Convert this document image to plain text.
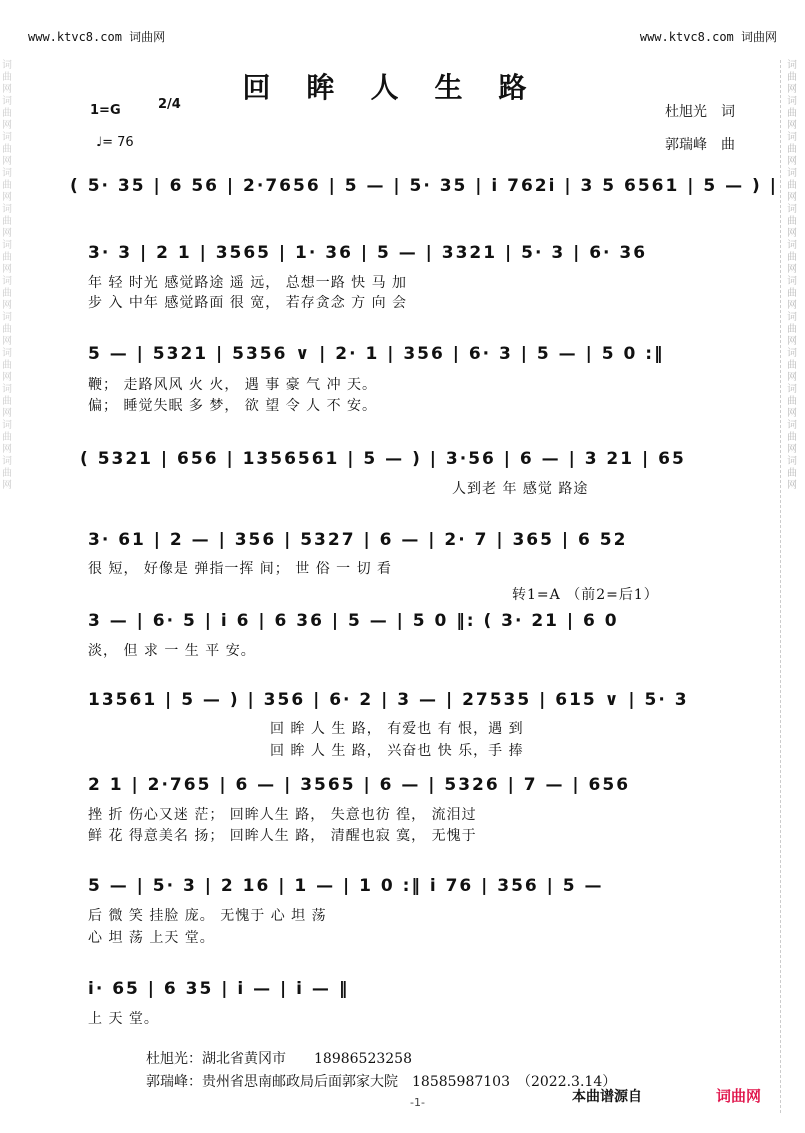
词曲网词曲网词曲网词曲网词曲网词曲网词曲网词曲网词曲网词曲网词曲网词曲网
词曲网词曲网词曲网词曲网词曲网词曲网词曲网词曲网词曲网词曲网词曲网词曲网
www.ktvc8.com 词曲网	www.ktvc8.com 词曲网
回眸人生路
1=G	2/4
♩= 76
杜旭光　词
郭瑞峰　曲
( 5· 35 | 6 56 | 2·7656 | 5 — | 5· 35 | i 762i | 3 5 6561 | 5 — ) |
3· 3 | 2 1 | 3565 | 1· 36 | 5 — | 3321 | 5· 3 | 6· 36
年 轻 时光 感觉路途 遥 远， 总想一路 快 马 加
步 入 中年 感觉路面 很 宽， 若存贪念 方 向 会
5 — | 5321 | 5356 ∨ | 2· 1 | 356 | 6· 3 | 5 — | 5 0 :‖
鞭； 走路风风 火 火， 遇 事 豪 气 冲 天。
偏； 睡觉失眠 多 梦， 欲 望 令 人 不 安。
( 5321 | 656 | 1356561 | 5 — ) | 3·56 | 6 — | 3 21 | 65
人到老 年 感觉 路途
3· 61 | 2 — | 356 | 5327 | 6 — | 2· 7 | 365 | 6 52
很 短， 好像是 弹指一挥 间； 世 俗 一 切 看
转1=A （前2=后1）
3 — | 6· 5 | i 6 | 6 36 | 5 — | 5 0 ‖: ( 3· 21 | 6 0
淡， 但 求 一 生 平 安。
13561 | 5 — ) | 356 | 6· 2 | 3 — | 27535 | 615 ∨ | 5· 3
回 眸 人 生 路， 有爱也 有 恨，遇 到
回 眸 人 生 路， 兴奋也 快 乐，手 捧
2 1 | 2·765 | 6 — | 3565 | 6 — | 5326 | 7 — | 656
挫 折 伤心又迷 茫； 回眸人生 路， 失意也彷 徨， 流泪过
鲜 花 得意美名 扬； 回眸人生 路， 清醒也寂 寞， 无愧于
5 — | 5· 3 | 2 16 | 1 — | 1 0 :‖ i 76 | 356 | 5 —
后 微 笑 挂脸 庞。 无愧于 心 坦 荡
心 坦 荡 上天 堂。
i· 65 | 6 35 | i — | i — ‖
上 天 堂。
杜旭光：湖北省黄冈市　　18986523258
郭瑞峰：贵州省思南邮政局后面郭家大院　18585987103　（2022.3.14）
-1-	本曲谱源自	词曲网
